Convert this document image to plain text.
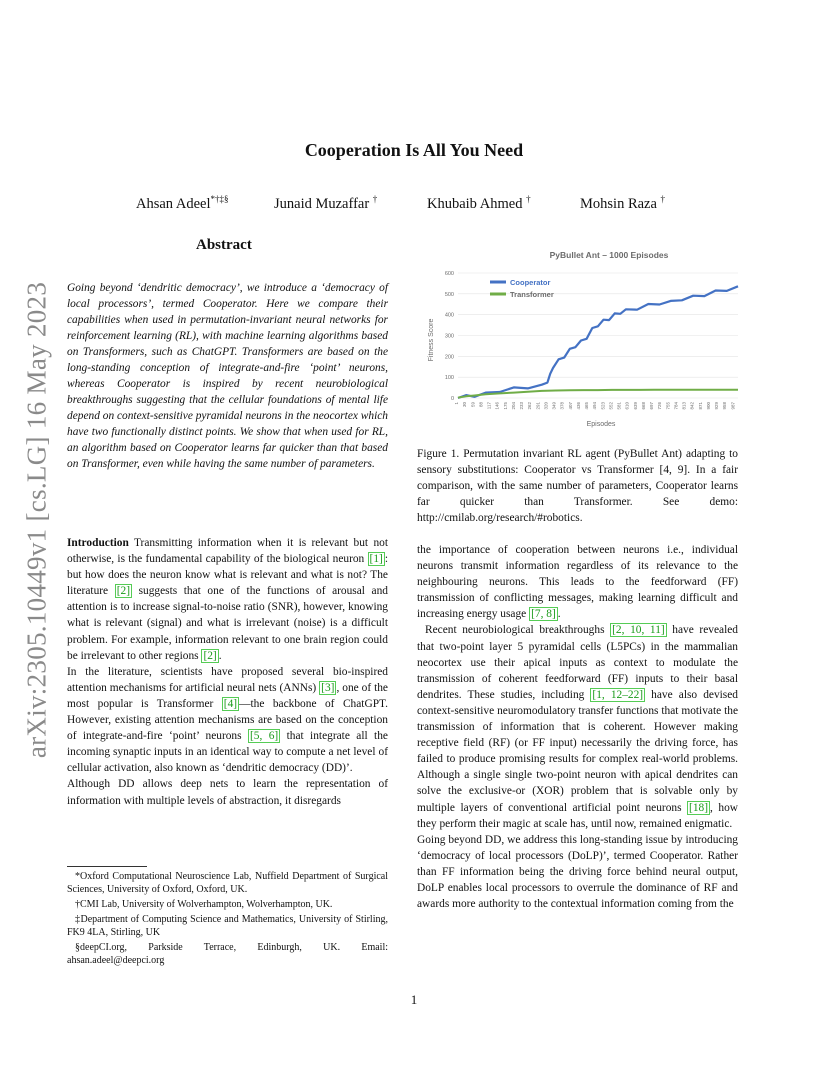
arXiv:2305.10449v1 [cs.LG] 16 May 2023
Cooperation Is All You Need
Ahsan Adeel*†‡§	Junaid Muzaffar †	Khubaib Ahmed †	Mohsin Raza †
Abstract
Going beyond ‘dendritic democracy’, we introduce a ‘democracy of local processors’, termed Cooperator. Here we compare their capabilities when used in permutation-invariant neural networks for reinforcement learning (RL), with machine learning algorithms based on Transformers, such as ChatGPT. Transformers are based on the long-standing conception of integrate-and-fire ‘point’ neurons, whereas Cooperator is inspired by recent neurobiological breakthroughs suggesting that the cellular foundations of mental life depend on context-sensitive pyramidal neurons in the neocortex which have two functionally distinct points. We show that when used for RL, an algorithm based on Cooperator learns far quicker than that based on Transformer, even while having the same number of parameters.
PyBullet Ant – 1000 Episodes
Fitness Score
Episodes
0
100
200
300
400
500
600
1 30 59 88 117 146 175 204 233 262 291 320 349 378 407 436 465 494 523 552 581 610 639 668 697 726 755 784 813 842 871 900 929 958 987
Cooperator
Transformer
Figure 1. Permutation invariant RL agent (PyBullet Ant) adapting to sensory substitutions: Cooperator vs Transformer [4, 9]. In a fair comparison, with the same number of parameters, Cooperator learns far quicker than Transformer. See demo: http://cmilab.org/research/#robotics.

Introduction Transmitting information when it is relevant but not otherwise, is the fundamental capability of the biological neuron [1] : but how does the neuron know what is relevant and what is not? The literature [2] suggests that one of the functions of arousal and attention is to increase signal-to-noise ratio (SNR), however, knowing what is relevant (signal) and what is irrelevant (noise) is a difficult problem. For example, information relevant to one brain region could be irrelevant to other regions [2] .

In the literature, scientists have proposed several bio-inspired attention mechanisms for artificial neural nets (ANNs) [3] , one of the most popular is Transformer [4] —the backbone of ChatGPT. However, existing attention mechanisms are based on the conception of integrate-and-fire ‘point’ neurons [5, 6] that integrate all the incoming synaptic inputs in an identical way to compute a net level of cellular activation, also known as ‘dendritic democracy (DD)’.

Although DD allows deep nets to learn the representation of information with multiple levels of abstraction, it disregards

*Oxford Computational Neuroscience Lab, Nuffield Department of Surgical Sciences, University of Oxford, Oxford, UK.

†CMI Lab, University of Wolverhampton, Wolverhampton, UK.

‡Department of Computing Science and Mathematics, University of Stirling, FK9 4LA, Stirling, UK

§deepCI.org, Parkside Terrace, Edinburgh, UK. Email: ahsan.adeel@deepci.org

the importance of cooperation between neurons i.e., individual neurons transmit information regardless of its relevance to the neighbouring neurons. This leads to the feedforward (FF) transmission of conflicting messages, making learning difficult and increasing energy usage [7, 8] .

Recent neurobiological breakthroughs [2, 10, 11] have revealed that two-point layer 5 pyramidal cells (L5PCs) in the mammalian neocortex use their apical inputs as context to modulate the transmission of coherent feedforward (FF) inputs to their basal dendrites. These studies, including [1, 12–22] have also devised context-sensitive neuromodulatory transfer functions that motivate the transmission of information that is coherent. However making receptive field (RF) (or FF input) necessarily the driving force, has failed to produce promising results for complex real-world problems. Although a single single two-point neuron with apical dendrites can solve the exclusive-or (XOR) problem that is solvable only by multiple layers of conventional artificial point neurons [18] , how they perform their magic at scale has, until now, remained enigmatic.

Going beyond DD, we address this long-standing issue by introducing ‘democracy of local processors (DoLP)’, termed Cooperator. Rather than FF information being the driving force behind neural output, DoLP enables local processors to overrule the dominance of RF and awards more authority to the contextual information coming from the

1
